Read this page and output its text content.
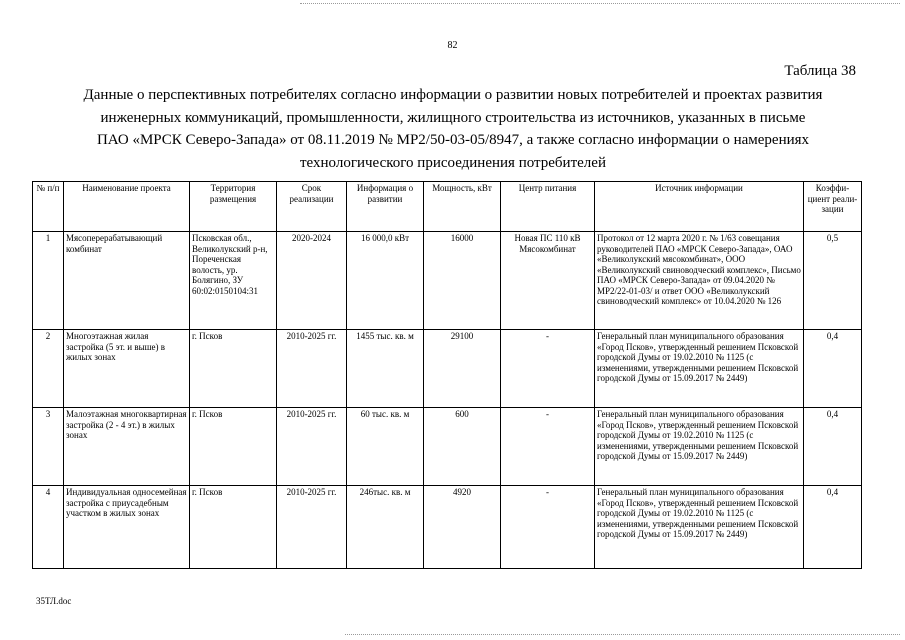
82
Таблица 38
Данные о перспективных потребителях согласно информации о развитии новых потребителей и проектах развития
инженерных коммуникаций, промышленности, жилищного строительства из источников, указанных в письме
ПАО «МРСК Северо-Запада» от 08.11.2019 № МР2/50-03-05/8947, а также согласно информации о намерениях
технологического присоединения потребителей
№ п/п	Наименование проекта	Территория размещения	Срок реализации	Информация о развитии	Мощность, кВт	Центр питания	Источник информации	Коэффи-циент реали-зации
1	Мясоперерабатывающий комбинат	Псковская обл., Великолукский р-н, Пореченская волость, ур. Болягино, ЗУ 60:02:0150104:31	2020-2024	16 000,0 кВт	16000	Новая ПС 110 кВ Мясокомбинат	Протокол от 12 марта 2020 г. № 1/63 совещания руководителей ПАО «МРСК Северо-Запада», ОАО «Великолукский мясокомбинат», ООО «Великолукский свиноводческий комплекс», Письмо ПАО «МРСК Северо-Запада» от 09.04.2020 № МР2/22-01-03/ и ответ ООО «Великолукский свиноводческий комплекс» от 10.04.2020 № 126	0,5
2	Многоэтажная жилая застройка (5 эт. и выше) в жилых зонах	г. Псков	2010-2025 гг.	1455 тыс. кв. м	29100	-	Генеральный план муниципального образования «Город Псков», утвержденный решением Псковской городской Думы от 19.02.2010 № 1125 (с изменениями, утвержденными решением Псковской городской Думы от 15.09.2017 № 2449)	0,4
3	Малоэтажная многоквартирная застройка (2 - 4 эт.) в жилых зонах	г. Псков	2010-2025 гг.	60 тыс. кв. м	600	-	Генеральный план муниципального образования «Город Псков», утвержденный решением Псковской городской Думы от 19.02.2010 № 1125 (с изменениями, утвержденными решением Псковской городской Думы от 15.09.2017 № 2449)	0,4
4	Индивидуальная односемейная застройка с приусадебным участком в жилых зонах	г. Псков	2010-2025 гг.	246тыс. кв. м	4920	-	Генеральный план муниципального образования «Город Псков», утвержденный решением Псковской городской Думы от 19.02.2010 № 1125 (с изменениями, утвержденными решением Псковской городской Думы от 15.09.2017 № 2449)	0,4
35ТЛ.doc
